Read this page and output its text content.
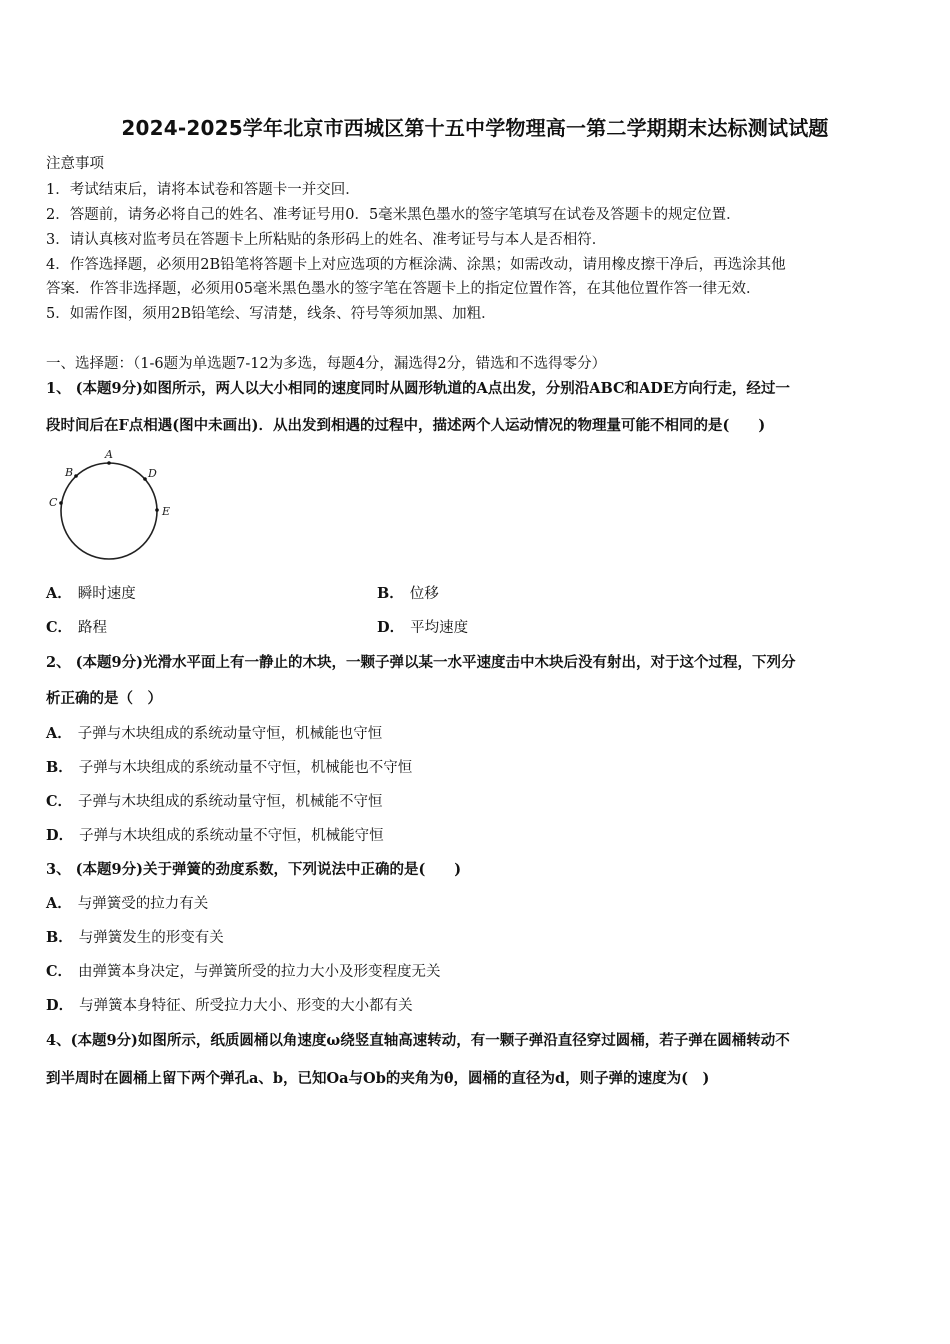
2024-2025学年北京市西城区第十五中学物理高一第二学期期末达标测试试题
注意事项
1．考试结束后，请将本试卷和答题卡一并交回．
2．答题前，请务必将自己的姓名、准考证号用0．5毫米黑色墨水的签字笔填写在试卷及答题卡的规定位置．
3．请认真核对监考员在答题卡上所粘贴的条形码上的姓名、准考证号与本人是否相符．
4．作答选择题，必须用2B铅笔将答题卡上对应选项的方框涂满、涂黑；如需改动，请用橡皮擦干净后，再选涂其他
答案．作答非选择题，必须用05毫米黑色墨水的签字笔在答题卡上的指定位置作答，在其他位置作答一律无效．
5．如需作图，须用2B铅笔绘、写清楚，线条、符号等须加黑、加粗．
一、选择题：（1-6题为单选题7-12为多选，每题4分，漏选得2分，错选和不选得零分）
1、 (本题9分)如图所示，两人以大小相同的速度同时从圆形轨道的A点出发，分别沿ABC和ADE方向行走，经过一
段时间后在F点相遇(图中未画出)．从出发到相遇的过程中，描述两个人运动情况的物理量可能不相同的是(　　)
A
B
C
D
E
A． 瞬时速度	B． 位移
C． 路程	D． 平均速度
2、 (本题9分)光滑水平面上有一静止的木块，一颗子弹以某一水平速度击中木块后没有射出，对于这个过程，下列分
析正确的是（　）
A． 子弹与木块组成的系统动量守恒，机械能也守恒
B． 子弹与木块组成的系统动量不守恒，机械能也不守恒
C． 子弹与木块组成的系统动量守恒，机械能不守恒
D． 子弹与木块组成的系统动量不守恒，机械能守恒
3、 (本题9分)关于弹簧的劲度系数，下列说法中正确的是(　　)
A． 与弹簧受的拉力有关
B． 与弹簧发生的形变有关
C． 由弹簧本身决定，与弹簧所受的拉力大小及形变程度无关
D． 与弹簧本身特征、所受拉力大小、形变的大小都有关
4、(本题9分)如图所示，纸质圆桶以角速度ω绕竖直轴高速转动，有一颗子弹沿直径穿过圆桶，若子弹在圆桶转动不
到半周时在圆桶上留下两个弹孔a、b，已知Oa与Ob的夹角为θ，圆桶的直径为d，则子弹的速度为(　)
